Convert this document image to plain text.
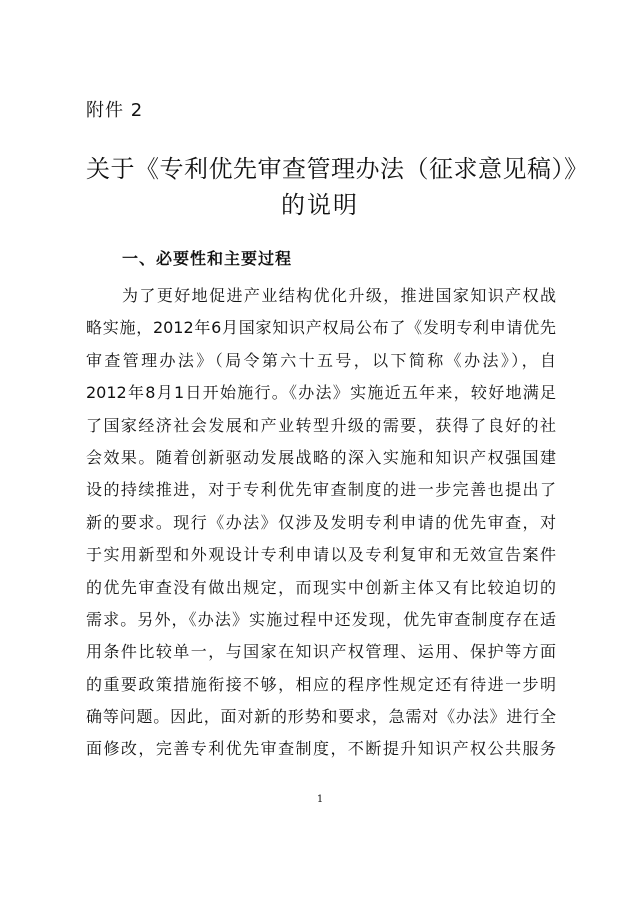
附件 2
关于《专利优先审查管理办法（征求意见稿）》
的说明
一、必要性和主要过程
为了更好地促进产业结构优化升级，推进国家知识产权战
略实施，2012年6月国家知识产权局公布了《发明专利申请优先
审查管理办法》（局令第六十五号，以下简称《办法》），自
2012年8月1日开始施行。《办法》实施近五年来，较好地满足
了国家经济社会发展和产业转型升级的需要，获得了良好的社
会效果。随着创新驱动发展战略的深入实施和知识产权强国建
设的持续推进，对于专利优先审查制度的进一步完善也提出了
新的要求。现行《办法》仅涉及发明专利申请的优先审查，对
于实用新型和外观设计专利申请以及专利复审和无效宣告案件
的优先审查没有做出规定，而现实中创新主体又有比较迫切的
需求。另外，《办法》实施过程中还发现，优先审查制度存在适
用条件比较单一，与国家在知识产权管理、运用、保护等方面
的重要政策措施衔接不够，相应的程序性规定还有待进一步明
确等问题。因此，面对新的形势和要求，急需对《办法》进行全
面修改，完善专利优先审查制度，不断提升知识产权公共服务
1
